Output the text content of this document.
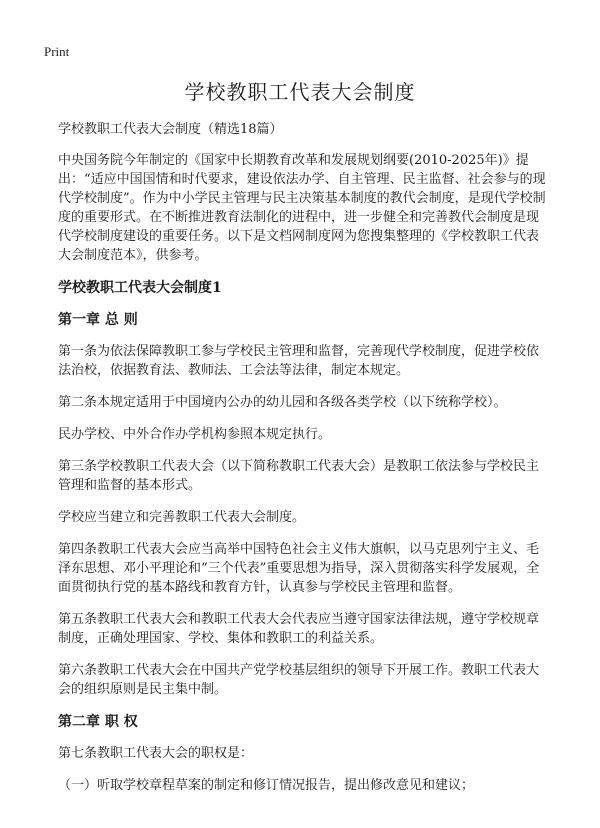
Print
学校教职工代表大会制度

学校教职工代表大会制度（精选18篇）

中央国务院今年制定的《国家中长期教育改革和发展规划纲要(2010-2025年)》提出：“适应中国国情和时代要求，建设依法办学、自主管理、民主监督、社会参与的现代学校制度”。作为中小学民主管理与民主决策基本制度的教代会制度，是现代学校制度的重要形式。在不断推进教育法制化的进程中，进一步健全和完善教代会制度是现代学校制度建设的重要任务。以下是文档网制度网为您搜集整理的《学校教职工代表大会制度范本》，供参考。

学校教职工代表大会制度1

第一章 总 则

第一条为依法保障教职工参与学校民主管理和监督，完善现代学校制度，促进学校依法治校，依据教育法、教师法、工会法等法律，制定本规定。

第二条本规定适用于中国境内公办的幼儿园和各级各类学校（以下统称学校）。

民办学校、中外合作办学机构参照本规定执行。

第三条学校教职工代表大会（以下简称教职工代表大会）是教职工依法参与学校民主管理和监督的基本形式。

学校应当建立和完善教职工代表大会制度。

第四条教职工代表大会应当高举中国特色社会主义伟大旗帜，以马克思列宁主义、毛泽东思想、邓小平理论和“三个代表”重要思想为指导，深入贯彻落实科学发展观，全面贯彻执行党的基本路线和教育方针，认真参与学校民主管理和监督。

第五条教职工代表大会和教职工代表大会代表应当遵守国家法律法规，遵守学校规章制度，正确处理国家、学校、集体和教职工的利益关系。

第六条教职工代表大会在中国共产党学校基层组织的领导下开展工作。教职工代表大会的组织原则是民主集中制。

第二章 职 权

第七条教职工代表大会的职权是：

（一）听取学校章程草案的制定和修订情况报告，提出修改意见和建议；
